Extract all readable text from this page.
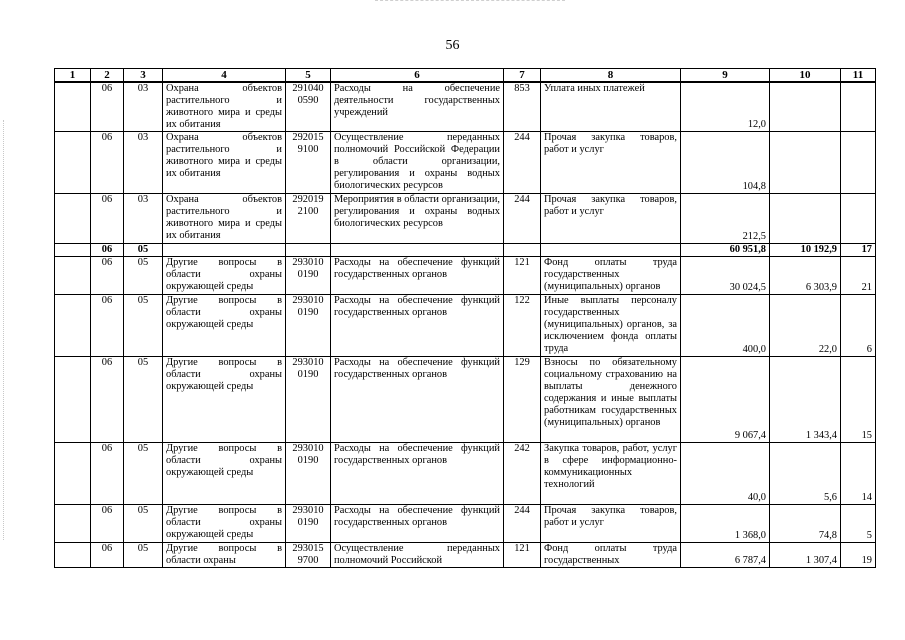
56
1	2	3	4	5	6	7	8	9	10	11
	06	03	Охрана объектов растительного и животного мира и среды их обитания	291040 0590	Расходы на обеспечение деятельности государственных учреждений	853	Уплата иных платежей	12,0		
	06	03	Охрана объектов растительного и животного мира и среды их обитания	292015 9100	Осуществление переданных полномочий Российской Федерации в области организации, регулирования и охраны водных биологических ресурсов	244	Прочая закупка товаров, работ и услуг	104,8		
	06	03	Охрана объектов растительного и животного мира и среды их обитания	292019 2100	Мероприятия в области организации, регулирования и охраны водных биологических ресурсов	244	Прочая закупка товаров, работ и услуг	212,5		
	06	05						60 951,8	10 192,9	17
	06	05	Другие вопросы в области охраны окружающей среды	293010 0190	Расходы на обеспечение функций государственных органов	121	Фонд оплаты труда государственных (муниципальных) органов	30 024,5	6 303,9	21
	06	05	Другие вопросы в области охраны окружающей среды	293010 0190	Расходы на обеспечение функций государственных органов	122	Иные выплаты персоналу государственных (муниципальных) органов, за исключением фонда оплаты труда	400,0	22,0	6
	06	05	Другие вопросы в области охраны окружающей среды	293010 0190	Расходы на обеспечение функций государственных органов	129	Взносы по обязательному социальному страхованию на выплаты денежного содержания и иные выплаты работникам государственных (муниципальных) органов	9 067,4	1 343,4	15
	06	05	Другие вопросы в области охраны окружающей среды	293010 0190	Расходы на обеспечение функций государственных органов	242	Закупка товаров, работ, услуг в сфере информационно-коммуникационных технологий	40,0	5,6	14
	06	05	Другие вопросы в области охраны окружающей среды	293010 0190	Расходы на обеспечение функций государственных органов	244	Прочая закупка товаров, работ и услуг	1 368,0	74,8	5
	06	05	Другие вопросы в области охраны	293015 9700	Осуществление переданных полномочий Российской	121	Фонд оплаты труда государственных	6 787,4	1 307,4	19
